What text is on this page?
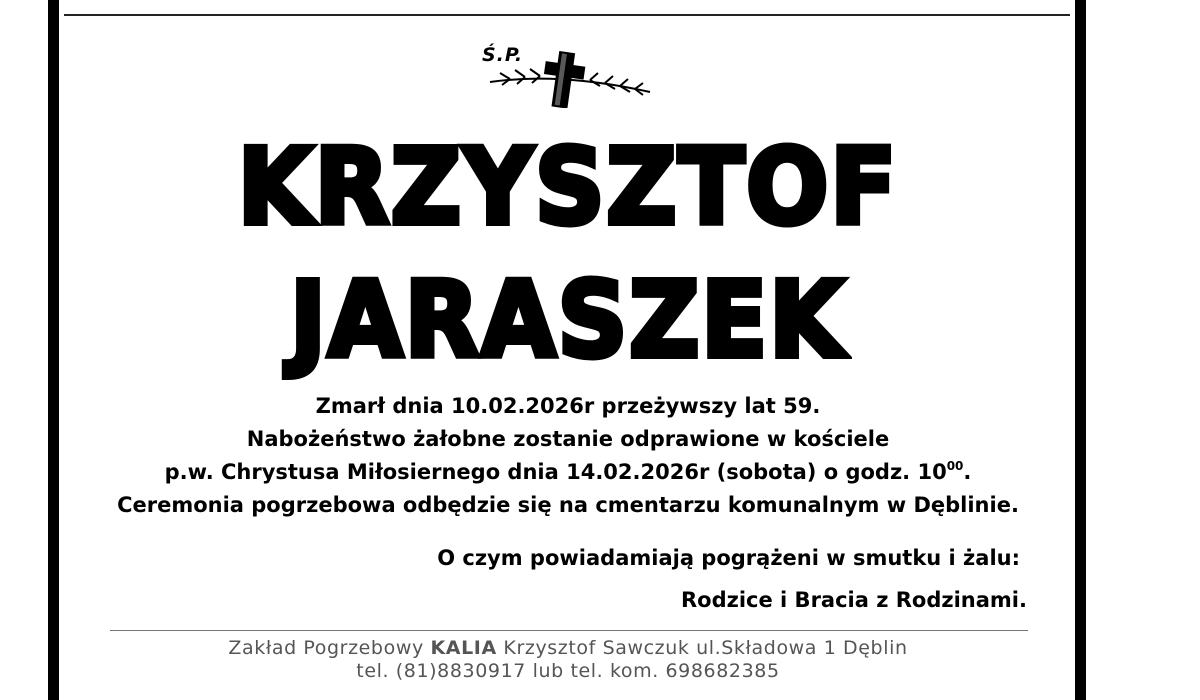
Ś.P.
KRZYSZTOF
JARASZEK
Zmarł dnia 10.02.2026r przeżywszy lat 59.
Nabożeństwo żałobne zostanie odprawione w kościele
p.w. Chrystusa Miłosiernego dnia 14.02.2026r (sobota) o godz. $10^{00}$.
Ceremonia pogrzebowa odbędzie się na cmentarzu komunalnym w Dęblinie.
O czym powiadamiają pogrążeni w smutku i żalu:
Rodzice i Bracia z Rodzinami.
Zakład Pogrzebowy KALIA Krzysztof Sawczuk ul.Składowa 1 Dęblin
tel. (81)8830917 lub tel. kom. 698682385
